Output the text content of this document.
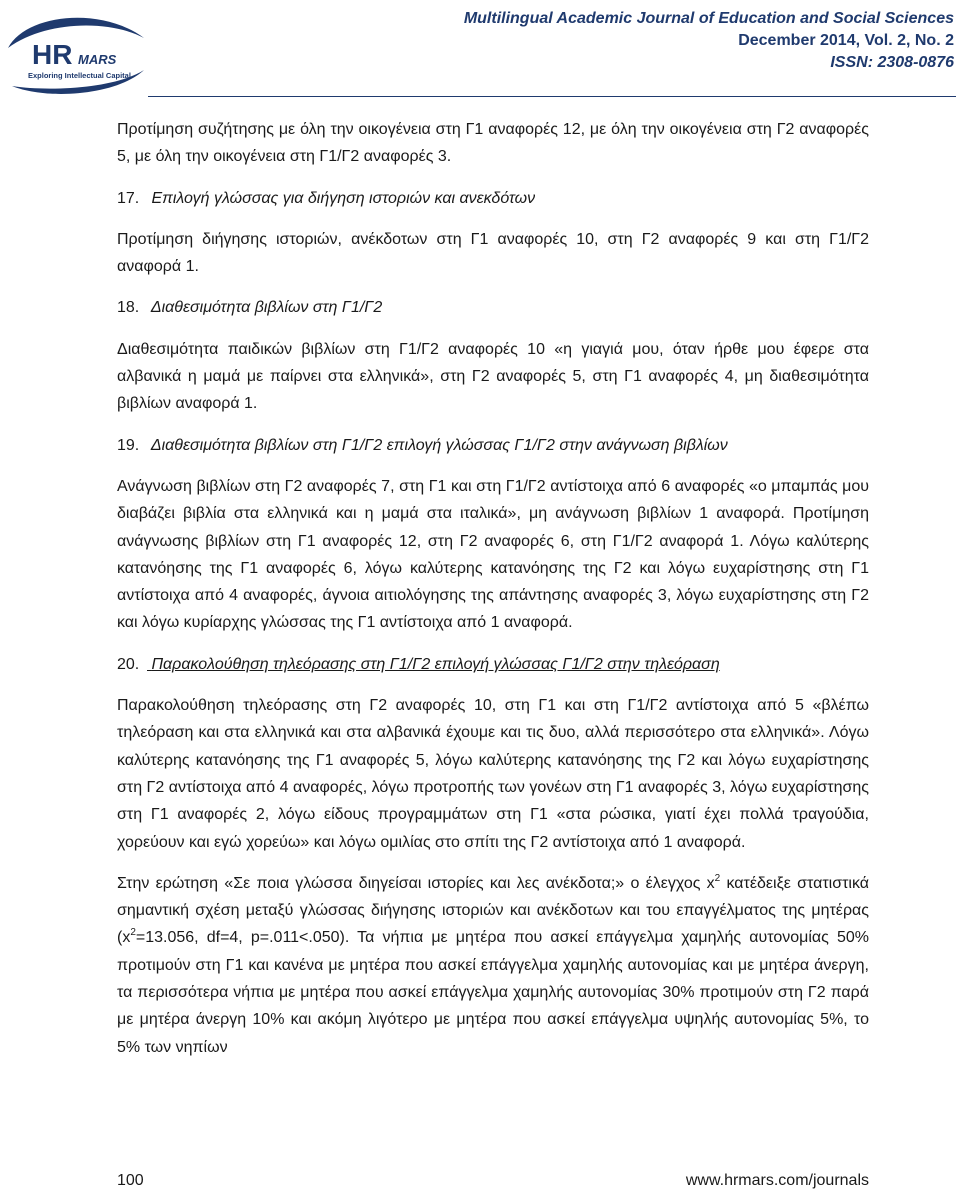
HR MARS
Exploring Intellectual Capital
Multilingual Academic Journal of Education and Social Sciences
December 2014, Vol. 2, No. 2
ISSN: 2308-0876

Προτίμηση συζήτησης με όλη την οικογένεια στη Γ1 αναφορές 12, με όλη την οικογένεια στη Γ2 αναφορές 5, με όλη την οικογένεια στη Γ1/Γ2 αναφορές 3.

17. Επιλογή γλώσσας για διήγηση ιστοριών και ανεκδότων

Προτίμηση διήγησης ιστοριών, ανέκδοτων στη Γ1 αναφορές 10, στη Γ2 αναφορές 9 και στη Γ1/Γ2 αναφορά 1.

18. Διαθεσιμότητα βιβλίων στη Γ1/Γ2

Διαθεσιμότητα παιδικών βιβλίων στη Γ1/Γ2 αναφορές 10 «η γιαγιά μου, όταν ήρθε μου έφερε στα αλβανικά η μαμά με παίρνει στα ελληνικά», στη Γ2 αναφορές 5, στη Γ1 αναφορές 4, μη διαθεσιμότητα βιβλίων αναφορά 1.

19. Διαθεσιμότητα βιβλίων στη Γ1/Γ2 επιλογή γλώσσας Γ1/Γ2 στην ανάγνωση βιβλίων

Ανάγνωση βιβλίων στη Γ2 αναφορές 7, στη Γ1 και στη Γ1/Γ2 αντίστοιχα από 6 αναφορές «ο μπαμπάς μου διαβάζει βιβλία στα ελληνικά και η μαμά στα ιταλικά», μη ανάγνωση βιβλίων 1 αναφορά. Προτίμηση ανάγνωσης βιβλίων στη Γ1 αναφορές 12, στη Γ2 αναφορές 6, στη Γ1/Γ2 αναφορά 1. Λόγω καλύτερης κατανόησης της Γ1 αναφορές 6, λόγω καλύτερης κατανόησης της Γ2 και λόγω ευχαρίστησης στη Γ1 αντίστοιχα από 4 αναφορές, άγνοια αιτιολόγησης της απάντησης αναφορές 3, λόγω ευχαρίστησης στη Γ2 και λόγω κυρίαρχης γλώσσας της Γ1 αντίστοιχα από 1 αναφορά.

20. Παρακολούθηση τηλεόρασης στη Γ1/Γ2 επιλογή γλώσσας Γ1/Γ2 στην τηλεόραση

Παρακολούθηση τηλεόρασης στη Γ2 αναφορές 10, στη Γ1 και στη Γ1/Γ2 αντίστοιχα από 5 «βλέπω τηλεόραση και στα ελληνικά και στα αλβανικά έχουμε και τις δυο, αλλά περισσότερο στα ελληνικά». Λόγω καλύτερης κατανόησης της Γ1 αναφορές 5, λόγω καλύτερης κατανόησης της Γ2 και λόγω ευχαρίστησης στη Γ2 αντίστοιχα από 4 αναφορές, λόγω προτροπής των γονέων στη Γ1 αναφορές 3, λόγω ευχαρίστησης στη Γ1 αναφορές 2, λόγω είδους προγραμμάτων στη Γ1 «στα ρώσικα, γιατί έχει πολλά τραγούδια, χορεύουν και εγώ χορεύω» και λόγω ομιλίας στο σπίτι της Γ2 αντίστοιχα από 1 αναφορά.

Στην ερώτηση «Σε ποια γλώσσα διηγείσαι ιστορίες και λες ανέκδοτα;» ο έλεγχος $x^2$ κατέδειξε στατιστικά σημαντική σχέση μεταξύ γλώσσας διήγησης ιστοριών και ανέκδοτων και του επαγγέλματος της μητέρας ($x^2=13.056$, df=4, p=.011<.050). Τα νήπια με μητέρα που ασκεί επάγγελμα χαμηλής αυτονομίας 50% προτιμούν στη Γ1 και κανένα με μητέρα που ασκεί επάγγελμα χαμηλής αυτονομίας και με μητέρα άνεργη, τα περισσότερα νήπια με μητέρα που ασκεί επάγγελμα χαμηλής αυτονομίας 30% προτιμούν στη Γ2 παρά με μητέρα άνεργη 10% και ακόμη λιγότερο με μητέρα που ασκεί επάγγελμα υψηλής αυτονομίας 5%, το 5% των νηπίων

100	www.hrmars.com/journals
